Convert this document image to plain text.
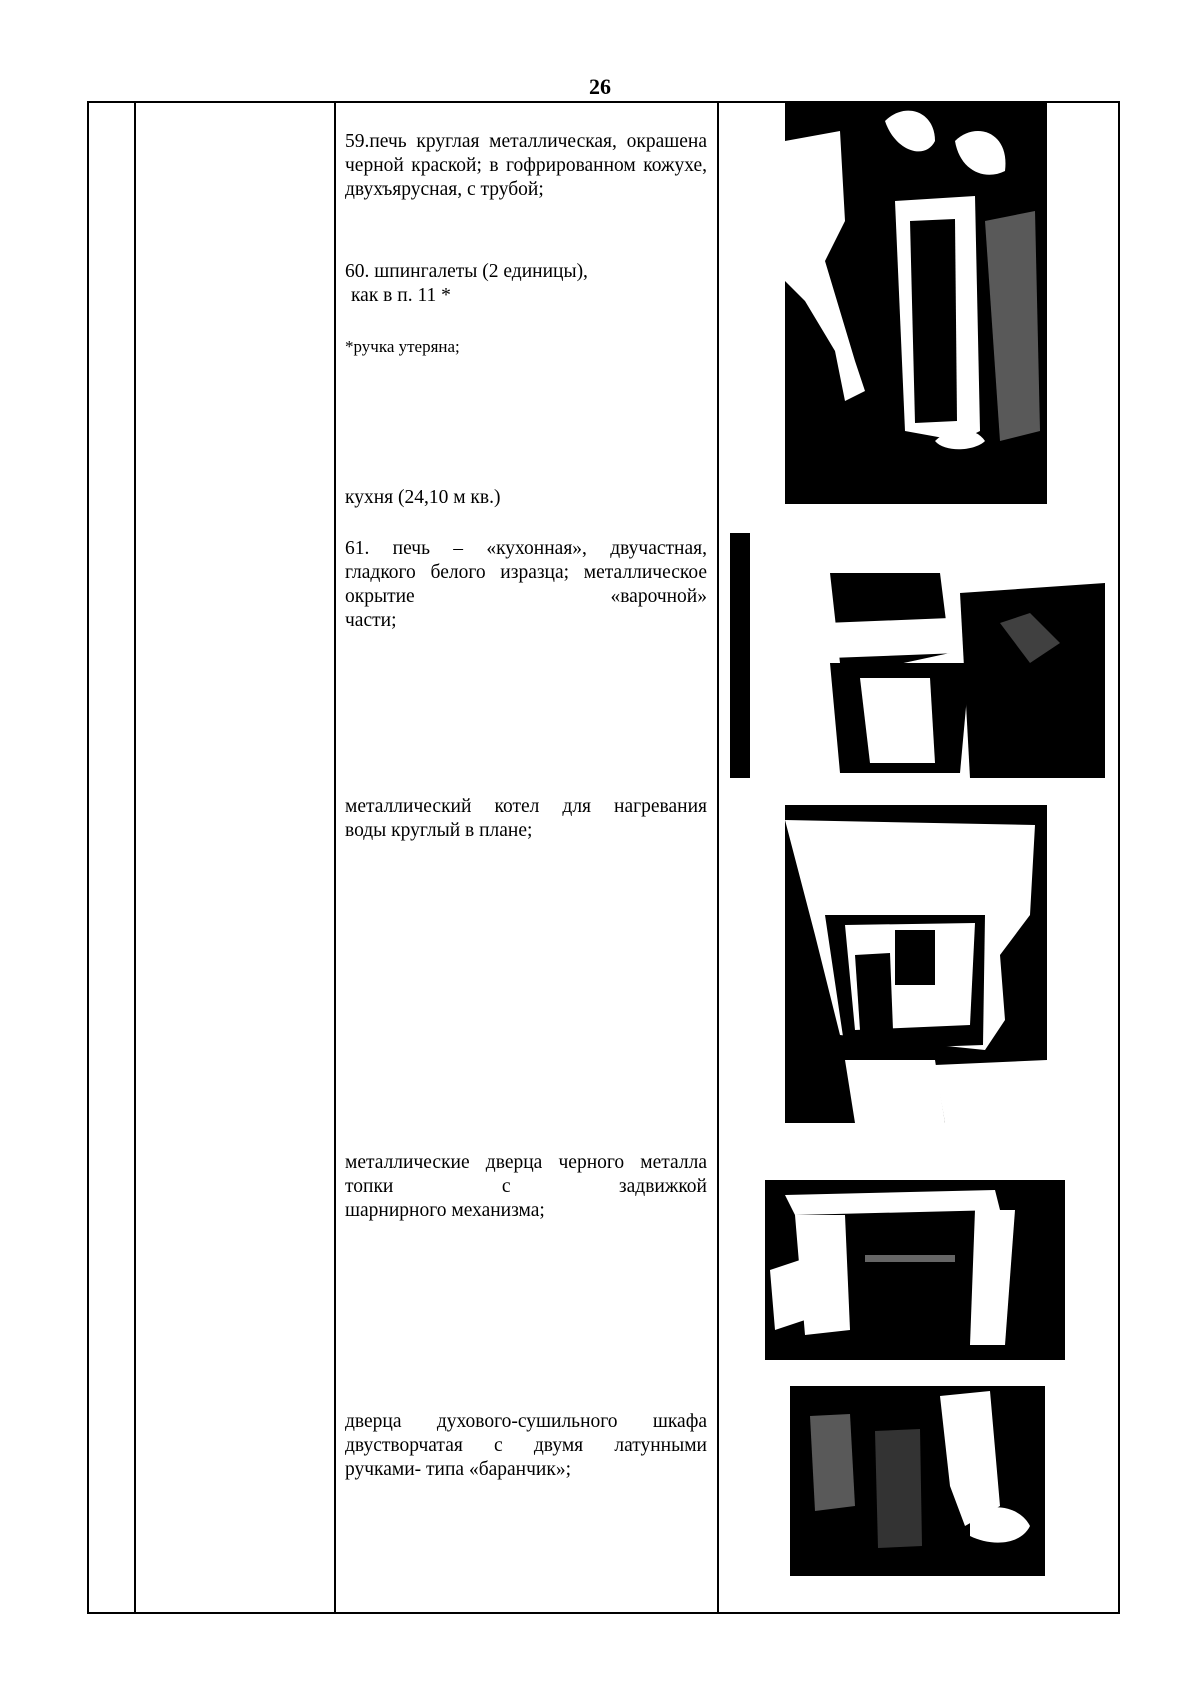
26
59.печь круглая металлическая, окрашена черной краской; в гофрированном кожухе,
двухъярусная, с трубой;
60. шпингалеты (2 единицы),
как в п. 11 *
*ручка утеряна;
кухня (24,10 м кв.)
61. печь – «кухонная», двучастная, гладкого белого изразца; металлическое окрытие «варочной»
части;
металлический котел для нагревания
воды круглый в плане;
металлические дверца черного металла топки с задвижкой
шарнирного механизма;
дверца духового-сушильного шкафа двустворчатая с двумя латунными
ручками- типа «баранчик»;
